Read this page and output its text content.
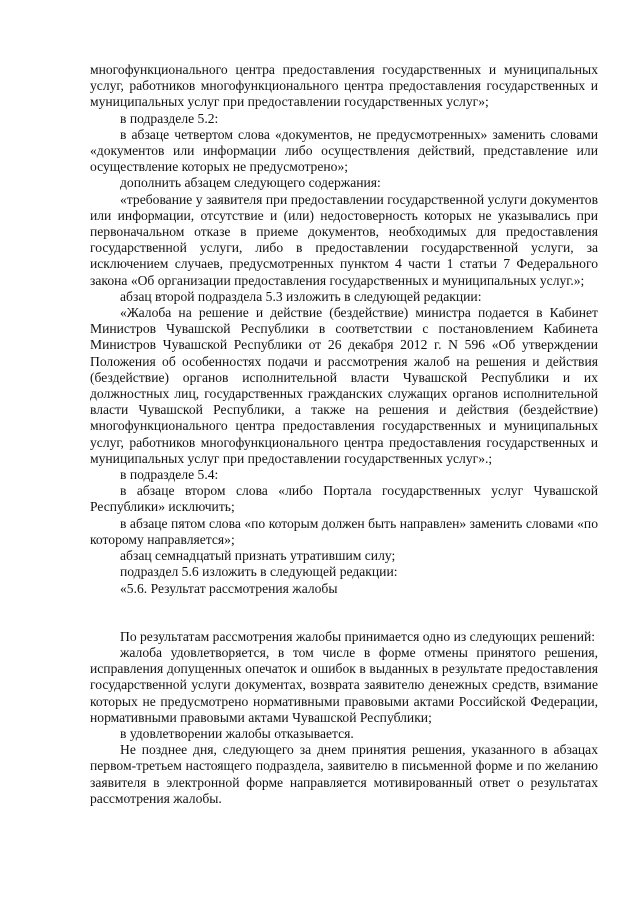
многофункционального центра предоставления государственных и муниципальных услуг, работников многофункционального центра предоставления государственных и муниципальных услуг при предоставлении государственных услуг»;

в подразделе 5.2:

в абзаце четвертом слова «документов, не предусмотренных» заменить словами «документов или информации либо осуществления действий, представление или осуществление которых не предусмотрено»;

дополнить абзацем следующего содержания:

«требование у заявителя при предоставлении государственной услуги документов или информации, отсутствие и (или) недостоверность которых не указывались при первоначальном отказе в приеме документов, необходимых для предоставления государственной услуги, либо в предоставлении государственной услуги, за исключением случаев, предусмотренных пунктом 4 части 1 статьи 7 Федерального закона «Об организации предоставления государственных и муниципальных услуг.»;

абзац второй подраздела 5.3 изложить в следующей редакции:

«Жалоба на решение и действие (бездействие) министра подается в Кабинет Министров Чувашской Республики в соответствии с постановлением Кабинета Министров Чувашской Республики от 26 декабря 2012 г. N 596 «Об утверждении Положения об особенностях подачи и рассмотрения жалоб на решения и действия (бездействие) органов исполнительной власти Чувашской Республики и их должностных лиц, государственных гражданских служащих органов исполнительной власти Чувашской Республики, а также на решения и действия (бездействие) многофункционального центра предоставления государственных и муниципальных услуг, работников многофункционального центра предоставления государственных и муниципальных услуг при предоставлении государственных услуг».;

в подразделе 5.4:

в абзаце втором слова «либо Портала государственных услуг Чувашской Республики» исключить;

в абзаце пятом слова «по которым должен быть направлен» заменить словами «по которому направляется»;

абзац семнадцатый признать утратившим силу;

подраздел 5.6 изложить в следующей редакции:

«5.6. Результат рассмотрения жалобы

По результатам рассмотрения жалобы принимается одно из следующих решений:

жалоба удовлетворяется, в том числе в форме отмены принятого решения, исправления допущенных опечаток и ошибок в выданных в результате предоставления государственной услуги документах, возврата заявителю денежных средств, взимание которых не предусмотрено нормативными правовыми актами Российской Федерации, нормативными правовыми актами Чувашской Республики;

в удовлетворении жалобы отказывается.

Не позднее дня, следующего за днем принятия решения, указанного в абзацах первом-третьем настоящего подраздела, заявителю в письменной форме и по желанию заявителя в электронной форме направляется мотивированный ответ о результатах рассмотрения жалобы.
